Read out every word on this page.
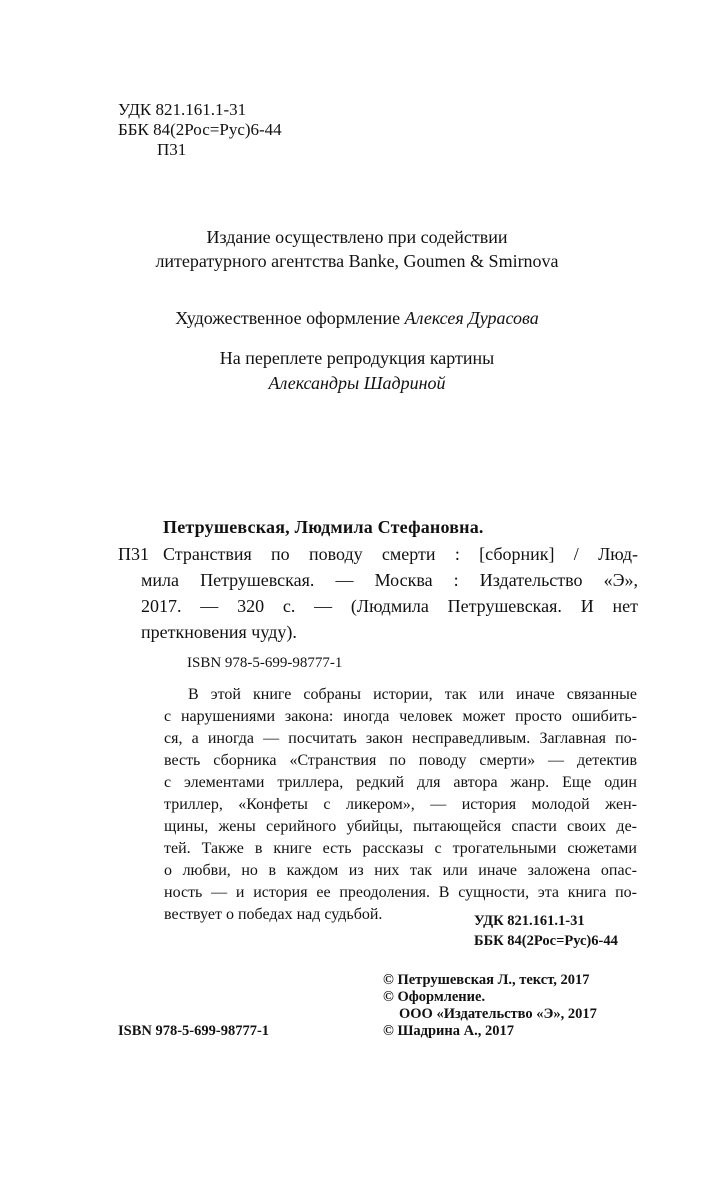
УДК 821.161.1-31
ББК 84(2Рос=Рус)6-44
П31
Издание осуществлено при содействии
литературного агентства Banke, Goumen & Smirnova
Художественное оформление Алексея Дурасова
На переплете репродукция картины
Александры Шадриной
Петрушевская, Людмила Стефановна.
П31 Странствия по поводу смерти : [сборник] / Люд-
мила Петрушевская. — Москва : Издательство «Э»,
2017. — 320 с. — (Людмила Петрушевская. И нет
преткновения чуду).
ISBN 978-5-699-98777-1
В этой книге собраны истории, так или иначе связанные
с нарушениями закона: иногда человек может просто ошибить-
ся, а иногда — посчитать закон несправедливым. Заглавная по-
весть сборника «Странствия по поводу смерти» — детектив
с элементами триллера, редкий для автора жанр. Еще один
триллер, «Конфеты с ликером», — история молодой жен-
щины, жены серийного убийцы, пытающейся спасти своих де-
тей. Также в книге есть рассказы с трогательными сюжетами
о любви, но в каждом из них так или иначе заложена опас-
ность — и история ее преодоления. В сущности, эта книга по-
вествует о победах над судьбой.	УДК 821.161.1-31
ББК 84(2Рос=Рус)6-44
ISBN 978-5-699-98777-1
© Петрушевская Л., текст, 2017
© Оформление.
ООО «Издательство «Э», 2017
© Шадрина А., 2017
